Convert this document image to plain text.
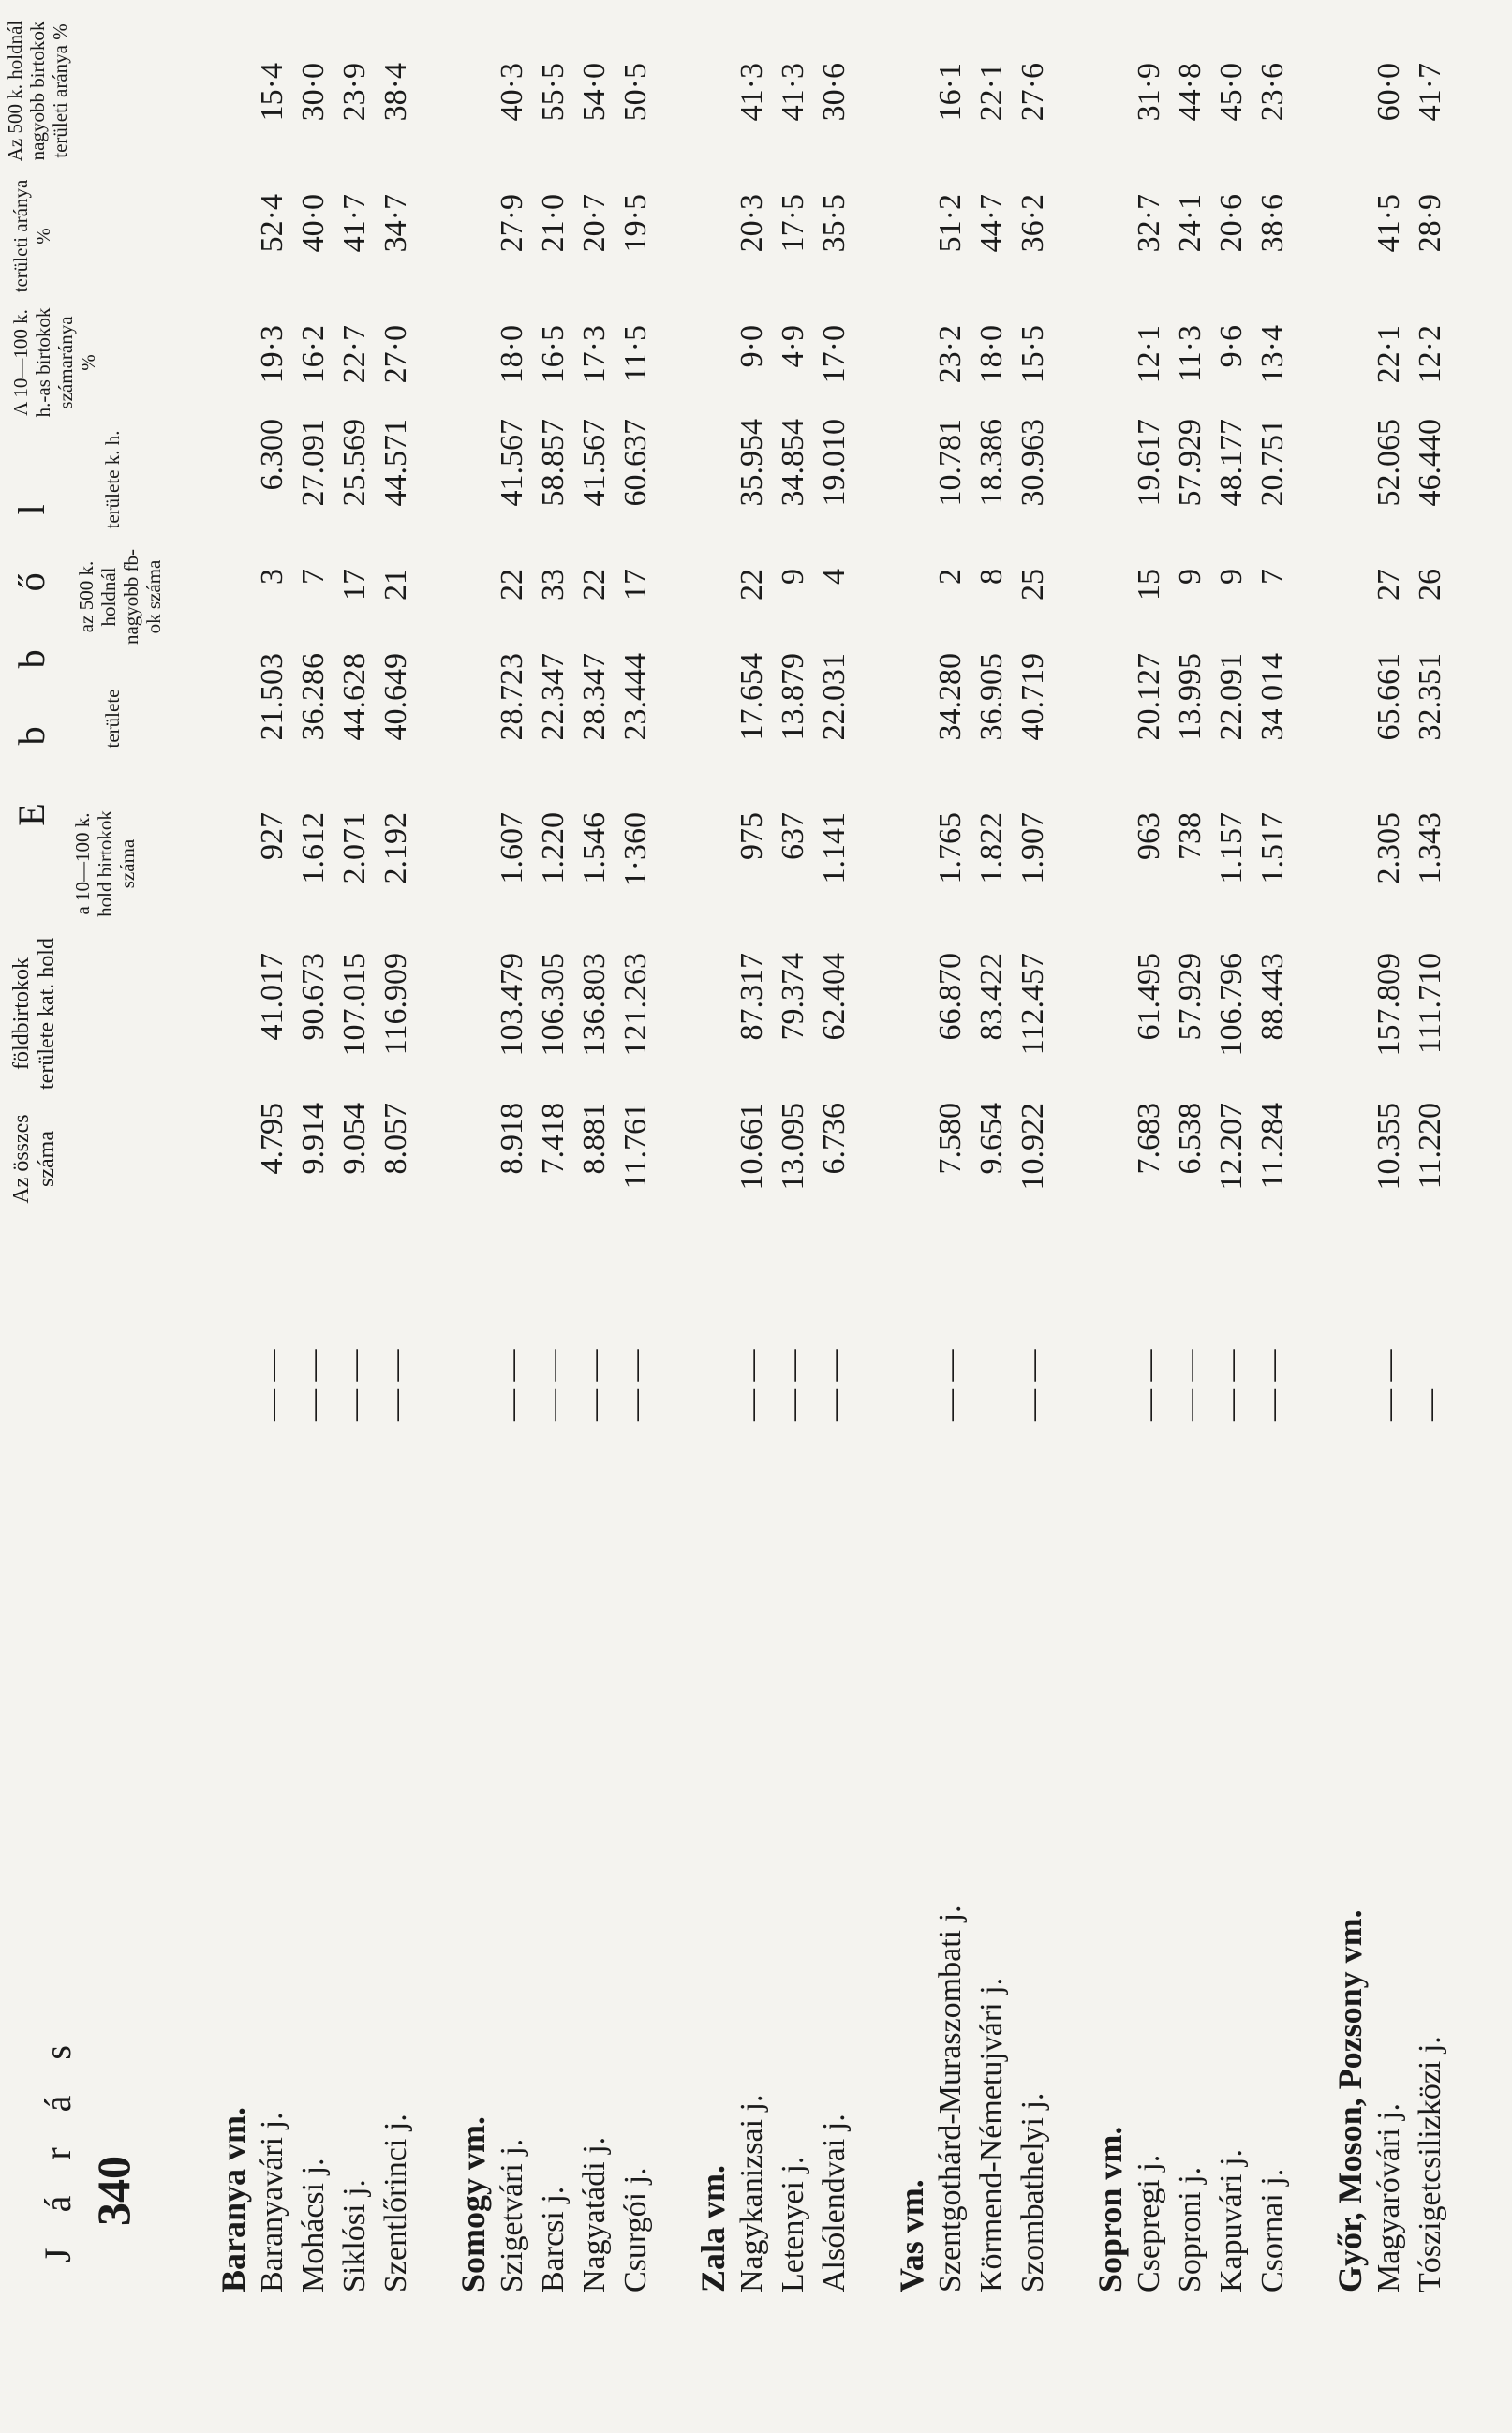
340
J á r á s
Az összes száma
földbirtokok területe kat. hold
E b b ő l
a 10—100 k. hold birtokok száma
területe
az 500 k. holdnál nagyobb fb-ok száma
területe k. h.
A 10—100 k. h.-as birtokok számaránya %
területi aránya %
Az 500 k. holdnál nagyobb birtokok területi aránya %
Baranya vm. Baranyavári j.
— —
4.795
41.017
927
21.503
3
6.300
19·3
52·4
15·4
Mohácsi j.
— —
9.914
90.673
1.612
36.286
7
27.091
16·2
40·0
30·0
Siklósi j.
— —
9.054
107.015
2.071
44.628
17
25.569
22·7
41·7
23·9
Szentlőrinci j.
— —
8.057
116.909
2.192
40.649
21
44.571
27·0
34·7
38·4
Somogy vm. Szigetvári j.
— —
8.918
103.479
1.607
28.723
22
41.567
18·0
27·9
40·3
Barcsi j.
— —
7.418
106.305
1.220
22.347
33
58.857
16·5
21·0
55·5
Nagyatádi j.
— —
8.881
136.803
1.546
28.347
22
41.567
17·3
20·7
54·0
Csurgói j.
— —
11.761
121.263
1·360
23.444
17
60.637
11·5
19·5
50·5
Zala vm. Nagykanizsai j.
— —
10.661
87.317
975
17.654
22
35.954
9·0
20·3
41·3
Letenyei j.
— —
13.095
79.374
637
13.879
9
34.854
4·9
17·5
41·3
Alsólendvai j.
— —
6.736
62.404
1.141
22.031
4
19.010
17·0
35·5
30·6
Vas vm. Szentgothárd-Muraszombati j.
— —
7.580
66.870
1.765
34.280
2
10.781
23·2
51·2
16·1
Körmend-Németujvári j.
9.654
83.422
1.822
36.905
8
18.386
18·0
44·7
22·1
Szombathelyi j.
— —
10.922
112.457
1.907
40.719
25
30.963
15·5
36·2
27·6
Sopron vm. Csepregi j.
— —
7.683
61.495
963
20.127
15
19.617
12·1
32·7
31·9
Soproni j.
— —
6.538
57.929
738
13.995
9
57.929
11·3
24·1
44·8
Kapuvári j.
— —
12.207
106.796
1.157
22.091
9
48.177
9·6
20·6
45·0
Csornai j.
— —
11.284
88.443
1.517
34 014
7
20.751
13·4
38·6
23·6
Győr, Moson, Pozsony vm. Magyaróvári j.
— —
10.355
157.809
2.305
65.661
27
52.065
22·1
41·5
60·0
Tószigetcsilizközi j.
—
11.220
111.710
1.343
32.351
26
46.440
12·2
28·9
41·7
